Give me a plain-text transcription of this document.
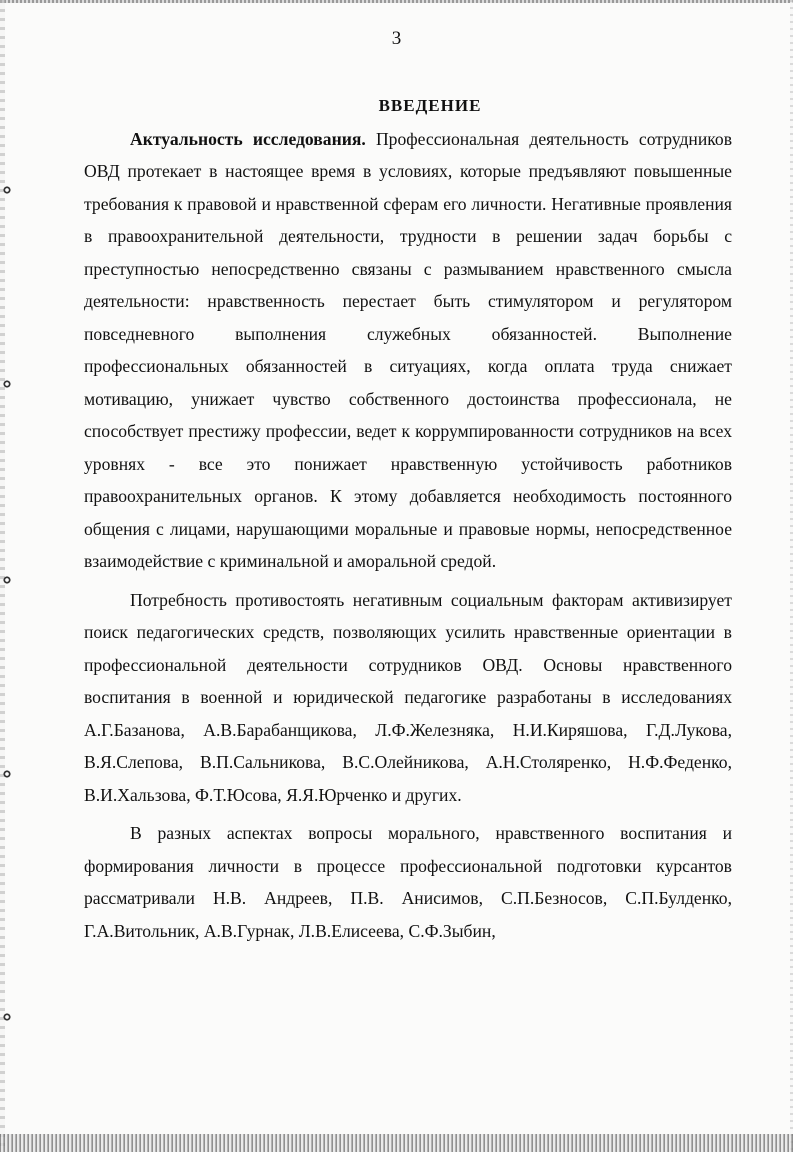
3
ВВЕДЕНИЕ

Актуальность исследования. Профессиональная деятельность сотрудников ОВД протекает в настоящее время в условиях, которые предъявляют повышенные требования к правовой и нравственной сферам его личности. Негативные проявления в правоохранительной деятельности, трудности в решении задач борьбы с преступностью непосредственно связаны с размыванием нравственного смысла деятельности: нравственность перестает быть стимулятором и регулятором повседневного выполнения служебных обязанностей. Выполнение профессиональных обязанностей в ситуациях, когда оплата труда снижает мотивацию, унижает чувство собственного достоинства профессионала, не способствует престижу профессии, ведет к коррумпированности сотрудников на всех уровнях - все это понижает нравственную устойчивость работников правоохранительных органов. К этому добавляется необходимость постоянного общения с лицами, нарушающими моральные и правовые нормы, непосредственное взаимодействие с криминальной и аморальной средой.

Потребность противостоять негативным социальным факторам активизирует поиск педагогических средств, позволяющих усилить нравственные ориентации в профессиональной деятельности сотрудников ОВД. Основы нравственного воспитания в военной и юридической педагогике разработаны в исследованиях А.Г.Базанова, А.В.Барабанщикова, Л.Ф.Железняка, Н.И.Киряшова, Г.Д.Лукова, В.Я.Слепова, В.П.Сальникова, В.С.Олейникова, А.Н.Столяренко, Н.Ф.Феденко, В.И.Хальзова, Ф.Т.Юсова, Я.Я.Юрченко и других.

В разных аспектах вопросы морального, нравственного воспитания и формирования личности в процессе профессиональной подготовки курсантов рассматривали Н.В. Андреев, П.В. Анисимов, С.П.Безносов, С.П.Булденко, Г.А.Витольник, А.В.Гурнак, Л.В.Елисеева, С.Ф.Зыбин,
